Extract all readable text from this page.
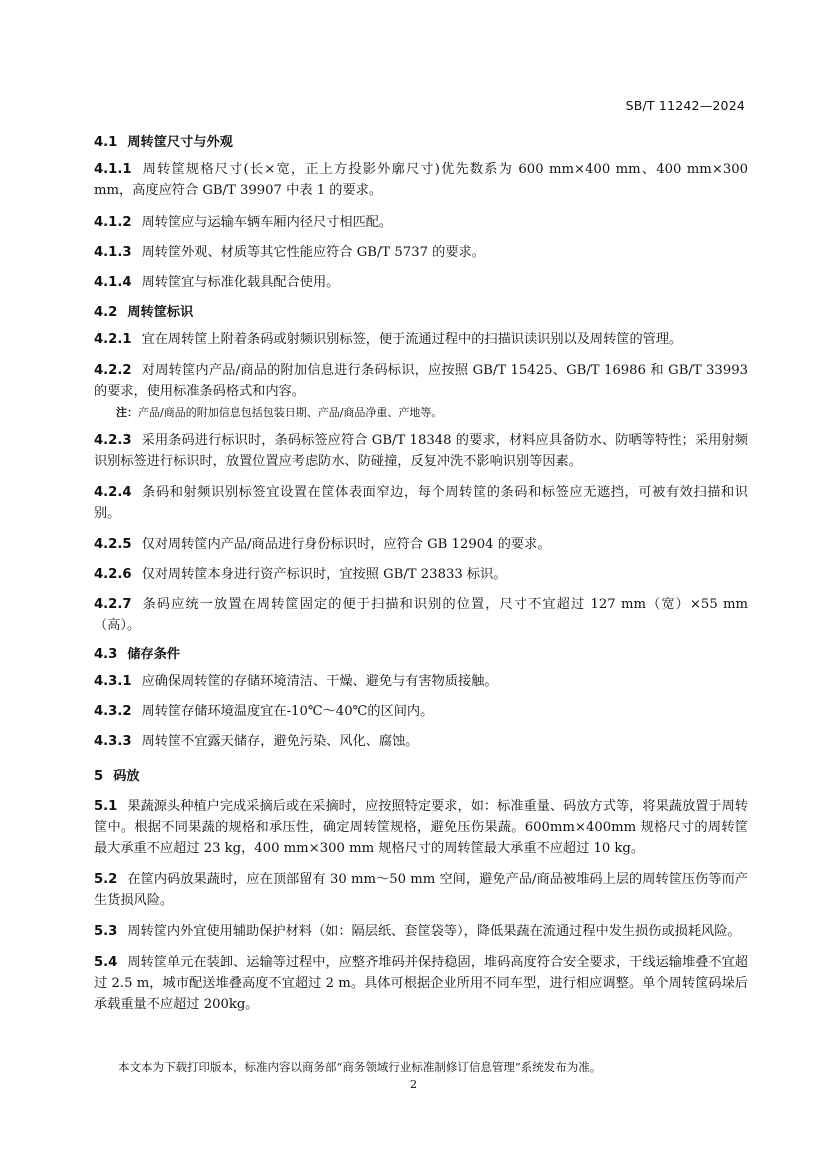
SB/T 11242—2024

4.1 周转筐尺寸与外观

4.1.1 周转筐规格尺寸(长×宽，正上方投影外廓尺寸)优先数系为 600 mm×400 mm、400 mm×300 mm，高度应符合 GB/T 39907 中表 1 的要求。

4.1.2 周转筐应与运输车辆车厢内径尺寸相匹配。

4.1.3 周转筐外观、材质等其它性能应符合 GB/T 5737 的要求。

4.1.4 周转筐宜与标准化载具配合使用。

4.2 周转筐标识

4.2.1 宜在周转筐上附着条码或射频识别标签，便于流通过程中的扫描识读识别以及周转筐的管理。

4.2.2 对周转筐内产品/商品的附加信息进行条码标识，应按照 GB/T 15425、GB/T 16986 和 GB/T 33993 的要求，使用标准条码格式和内容。

注：产品/商品的附加信息包括包装日期、产品/商品净重、产地等。

4.2.3 采用条码进行标识时，条码标签应符合 GB/T 18348 的要求，材料应具备防水、防晒等特性；采用射频识别标签进行标识时，放置位置应考虑防水、防碰撞，反复冲洗不影响识别等因素。

4.2.4 条码和射频识别标签宜设置在筐体表面窄边，每个周转筐的条码和标签应无遮挡，可被有效扫描和识别。

4.2.5 仅对周转筐内产品/商品进行身份标识时，应符合 GB 12904 的要求。

4.2.6 仅对周转筐本身进行资产标识时，宜按照 GB/T 23833 标识。

4.2.7 条码应统一放置在周转筐固定的便于扫描和识别的位置，尺寸不宜超过 127 mm（宽）×55 mm（高）。

4.3 储存条件

4.3.1 应确保周转筐的存储环境清洁、干燥、避免与有害物质接触。

4.3.2 周转筐存储环境温度宜在-10℃～40℃的区间内。

4.3.3 周转筐不宜露天储存，避免污染、风化、腐蚀。

5 码放

5.1 果蔬源头种植户完成采摘后或在采摘时，应按照特定要求，如：标准重量、码放方式等，将果蔬放置于周转筐中。根据不同果蔬的规格和承压性，确定周转筐规格，避免压伤果蔬。600mm×400mm 规格尺寸的周转筐最大承重不应超过 23 kg，400 mm×300 mm 规格尺寸的周转筐最大承重不应超过 10 kg。

5.2 在筐内码放果蔬时，应在顶部留有 30 mm～50 mm 空间，避免产品/商品被堆码上层的周转筐压伤等而产生货损风险。

5.3 周转筐内外宜使用辅助保护材料（如：隔层纸、套筐袋等），降低果蔬在流通过程中发生损伤或损耗风险。

5.4 周转筐单元在装卸、运输等过程中，应整齐堆码并保持稳固，堆码高度符合安全要求，干线运输堆叠不宜超过 2.5 m，城市配送堆叠高度不宜超过 2 m。具体可根据企业所用不同车型，进行相应调整。单个周转筐码垛后承载重量不应超过 200kg。

本文本为下载打印版本，标准内容以商务部“商务领域行业标准制修订信息管理”系统发布为准。
2
